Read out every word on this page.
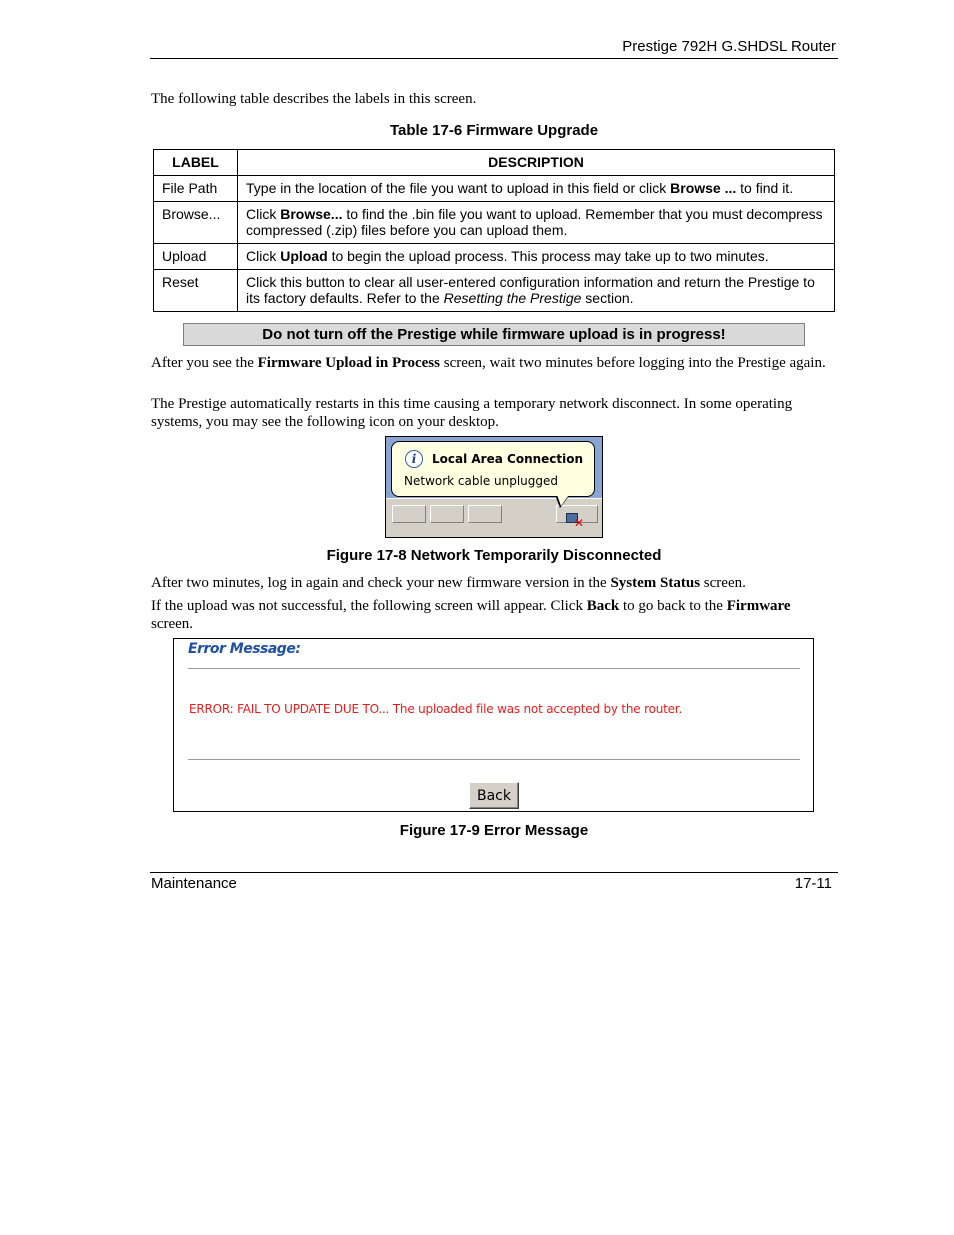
Prestige 792H G.SHDSL Router
The following table describes the labels in this screen.
Table 17-6 Firmware Upgrade
LABEL	DESCRIPTION
File Path	Type in the location of the file you want to upload in this field or click Browse ... to find it.
Browse...	Click Browse... to find the .bin file you want to upload. Remember that you must decompress compressed (.zip) files before you can upload them.
Upload	Click Upload to begin the upload process. This process may take up to two minutes.
Reset	Click this button to clear all user-entered configuration information and return the Prestige to its factory defaults. Refer to the Resetting the Prestige section.
Do not turn off the Prestige while firmware upload is in progress!
After you see the Firmware Upload in Process screen, wait two minutes before logging into the Prestige again.
The Prestige automatically restarts in this time causing a temporary network disconnect. In some operating systems, you may see the following icon on your desktop.
i	Local Area Connection
Network cable unplugged
✕
Figure 17-8 Network Temporarily Disconnected
After two minutes, log in again and check your new firmware version in the System Status screen.
If the upload was not successful, the following screen will appear. Click Back to go back to the Firmware screen.
Error Message:
ERROR: FAIL TO UPDATE DUE TO... The uploaded file was not accepted by the router.
Back
Figure 17-9 Error Message
Maintenance	17-11
